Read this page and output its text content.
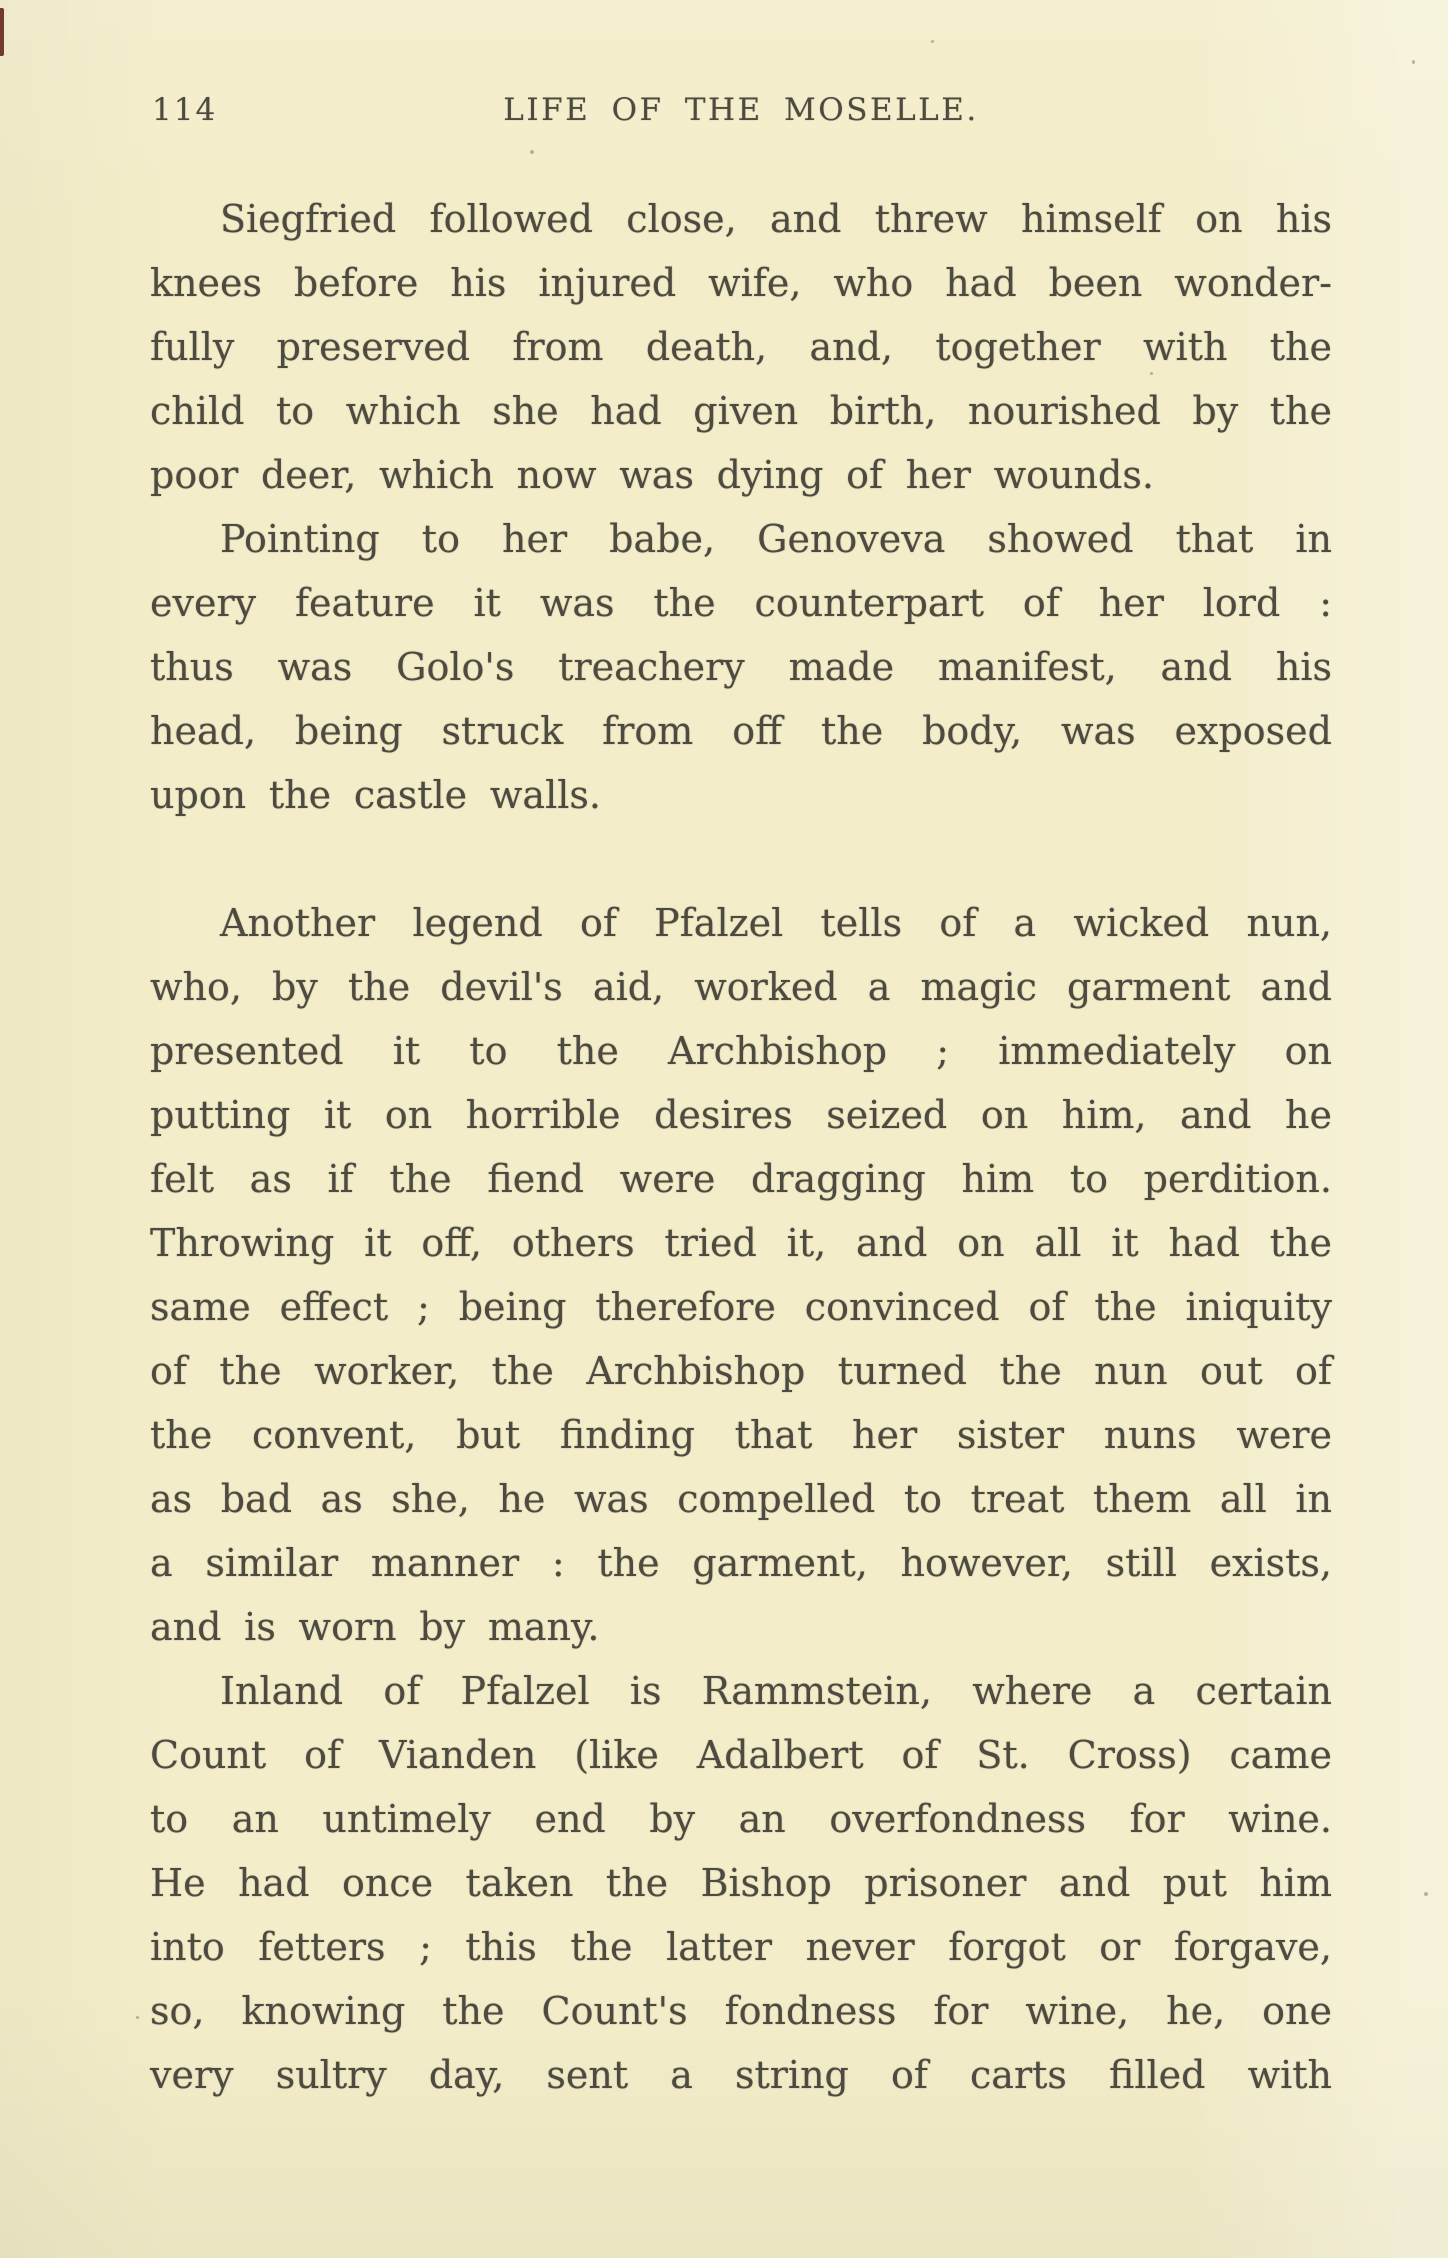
114	LIFE OF THE MOSELLE.
Siegfried followed close, and threw himself on his
knees before his injured wife, who had been wonder-
fully preserved from death, and, together with the
child to which she had given birth, nourished by the
poor deer, which now was dying of her wounds.
Pointing to her babe, Genoveva showed that in
every feature it was the counterpart of her lord :
thus was Golo's treachery made manifest, and his
head, being struck from off the body, was exposed
upon the castle walls.
Another legend of Pfalzel tells of a wicked nun,
who, by the devil's aid, worked a magic garment and
presented it to the Archbishop ; immediately on
putting it on horrible desires seized on him, and he
felt as if the fiend were dragging him to perdition.
Throwing it off, others tried it, and on all it had the
same effect ; being therefore convinced of the iniquity
of the worker, the Archbishop turned the nun out of
the convent, but finding that her sister nuns were
as bad as she, he was compelled to treat them all in
a similar manner : the garment, however, still exists,
and is worn by many.
Inland of Pfalzel is Rammstein, where a certain
Count of Vianden (like Adalbert of St. Cross) came
to an untimely end by an overfondness for wine.
He had once taken the Bishop prisoner and put him
into fetters ; this the latter never forgot or forgave,
so, knowing the Count's fondness for wine, he, one
very sultry day, sent a string of carts filled with
